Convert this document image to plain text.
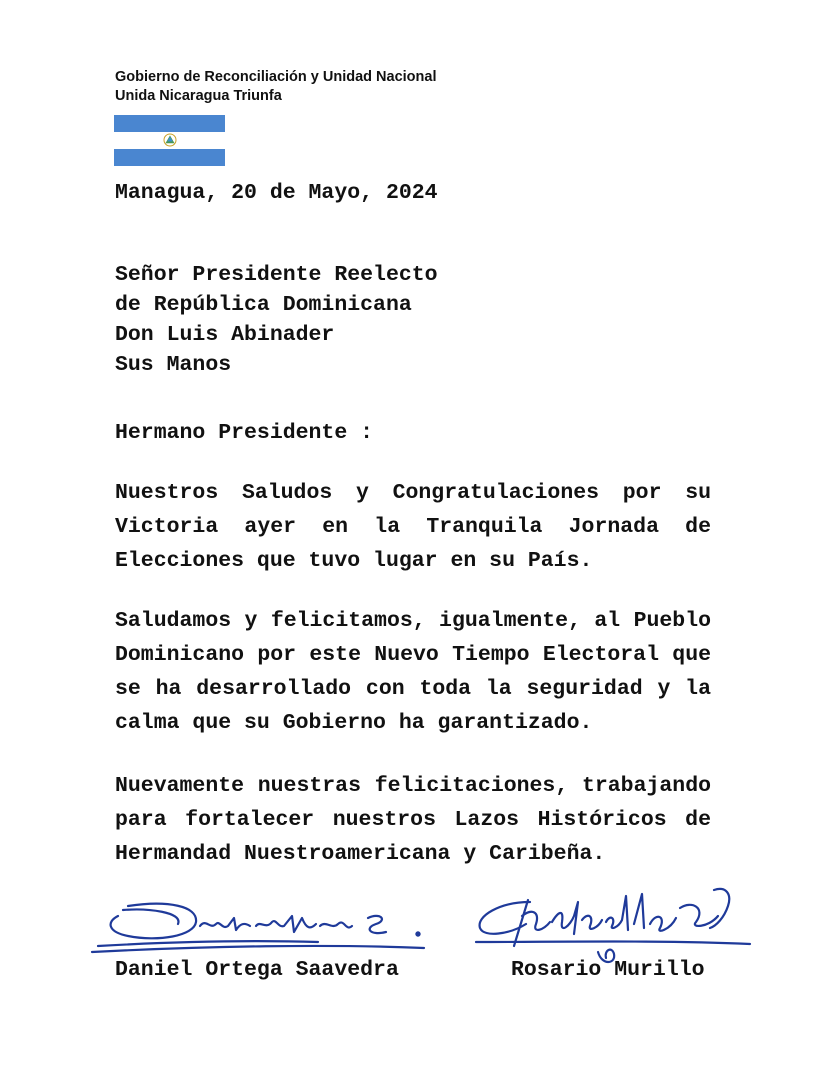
Gobierno de Reconciliación y Unidad Nacional
Unida Nicaragua Triunfa
Managua, 20 de Mayo, 2024
Señor Presidente Reelecto
de República Dominicana
Don Luis Abinader
Sus Manos
Hermano Presidente :
Nuestros Saludos y Congratulaciones por su Victoria ayer en la Tranquila Jornada de Elecciones que tuvo lugar en su País.
Saludamos y felicitamos, igualmente, al Pueblo Dominicano por este Nuevo Tiempo Electoral que se ha desarrollado con toda la seguridad y la calma que su Gobierno ha garantizado.
Nuevamente nuestras felicitaciones, trabajando para fortalecer nuestros Lazos Históricos de Hermandad Nuestroamericana y Caribeña.
Daniel Ortega Saavedra	Rosario Murillo
